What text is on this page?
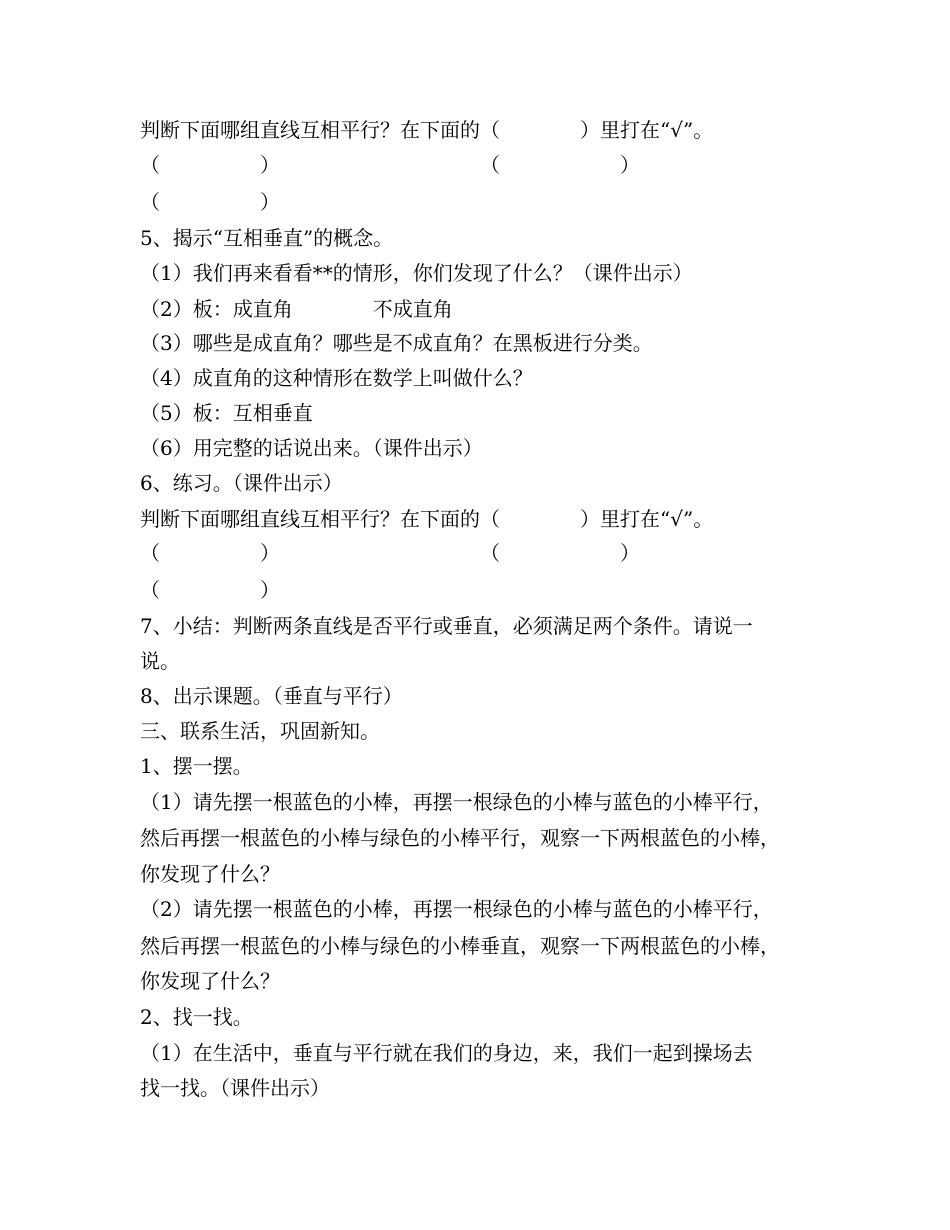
判断下面哪组直线互相平行？在下面的（　　　　）里打在“√”。
（　　　　　）　　　　　　　　　　　（　　　　　　）
（　　　　　）
5、揭示“互相垂直”的概念。
（1）我们再来看看**的情形，你们发现了什么？（课件出示）
（2）板：成直角　　　　不成直角
（3）哪些是成直角？哪些是不成直角？在黑板进行分类。
（4）成直角的这种情形在数学上叫做什么？
（5）板：互相垂直
（6）用完整的话说出来。（课件出示）
6、练习。（课件出示）
判断下面哪组直线互相平行？在下面的（　　　　）里打在“√”。
（　　　　　）　　　　　　　　　　　（　　　　　　）
（　　　　　）
7、小结：判断两条直线是否平行或垂直，必须满足两个条件。请说一
说。
8、出示课题。（垂直与平行）
三、联系生活，巩固新知。
1、摆一摆。
（1）请先摆一根蓝色的小棒，再摆一根绿色的小棒与蓝色的小棒平行，
然后再摆一根蓝色的小棒与绿色的小棒平行，观察一下两根蓝色的小棒，
你发现了什么？
（2）请先摆一根蓝色的小棒，再摆一根绿色的小棒与蓝色的小棒平行，
然后再摆一根蓝色的小棒与绿色的小棒垂直，观察一下两根蓝色的小棒，
你发现了什么？
2、找一找。
（1）在生活中，垂直与平行就在我们的身边，来，我们一起到操场去
找一找。（课件出示）
